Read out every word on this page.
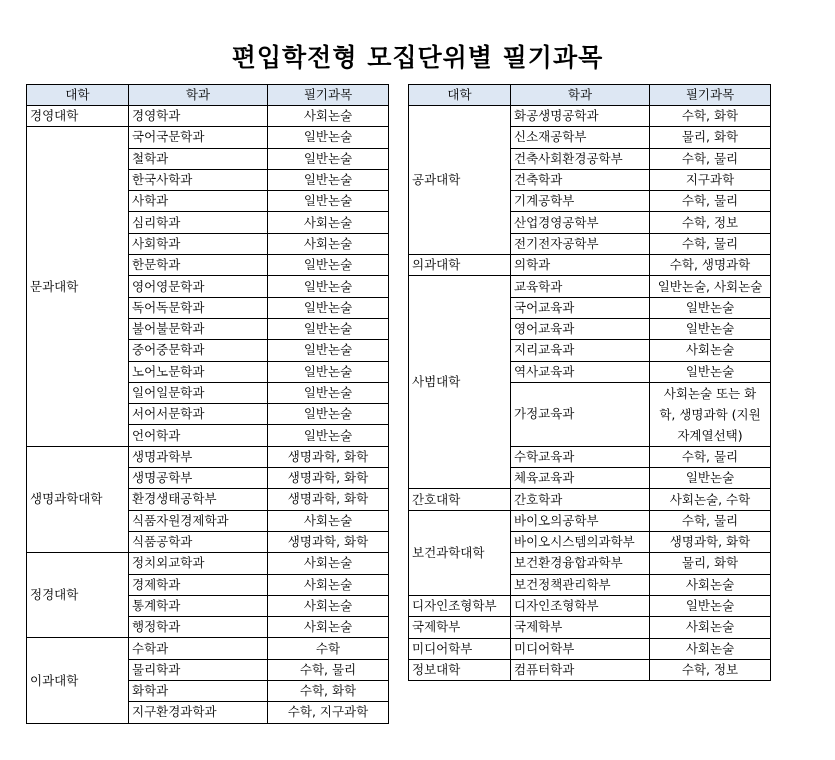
편입학전형 모집단위별 필기과목
대학	학과	필기과목
경영대학	경영학과	사회논술
문과대학	국어국문학과	일반논술
	철학과	일반논술
	한국사학과	일반논술
	사학과	일반논술
	심리학과	사회논술
	사회학과	사회논술
	한문학과	일반논술
	영어영문학과	일반논술
	독어독문학과	일반논술
	불어불문학과	일반논술
	중어중문학과	일반논술
	노어노문학과	일반논술
	일어일문학과	일반논술
	서어서문학과	일반논술
	언어학과	일반논술
생명과학대학	생명과학부	생명과학, 화학
	생명공학부	생명과학, 화학
	환경생태공학부	생명과학, 화학
	식품자원경제학과	사회논술
	식품공학과	생명과학, 화학
정경대학	정치외교학과	사회논술
	경제학과	사회논술
	통계학과	사회논술
	행정학과	사회논술
이과대학	수학과	수학
	물리학과	수학, 물리
	화학과	수학, 화학
	지구환경과학과	수학, 지구과학
대학	학과	필기과목
공과대학	화공생명공학과	수학, 화학
	신소재공학부	물리, 화학
	건축사회환경공학부	수학, 물리
	건축학과	지구과학
	기계공학부	수학, 물리
	산업경영공학부	수학, 정보
	전기전자공학부	수학, 물리
의과대학	의학과	수학, 생명과학
사범대학	교육학과	일반논술, 사회논술
	국어교육과	일반논술
	영어교육과	일반논술
	지리교육과	사회논술
	역사교육과	일반논술
	가정교육과	사회논술 또는 화학, 생명과학 (지원자계열선택)
	수학교육과	수학, 물리
	체육교육과	일반논술
간호대학	간호학과	사회논술, 수학
보건과학대학	바이오의공학부	수학, 물리
	바이오시스템의과학부	생명과학, 화학
	보건환경융합과학부	물리, 화학
	보건정책관리학부	사회논술
디자인조형학부	디자인조형학부	일반논술
국제학부	국제학부	사회논술
미디어학부	미디어학부	사회논술
정보대학	컴퓨터학과	수학, 정보
